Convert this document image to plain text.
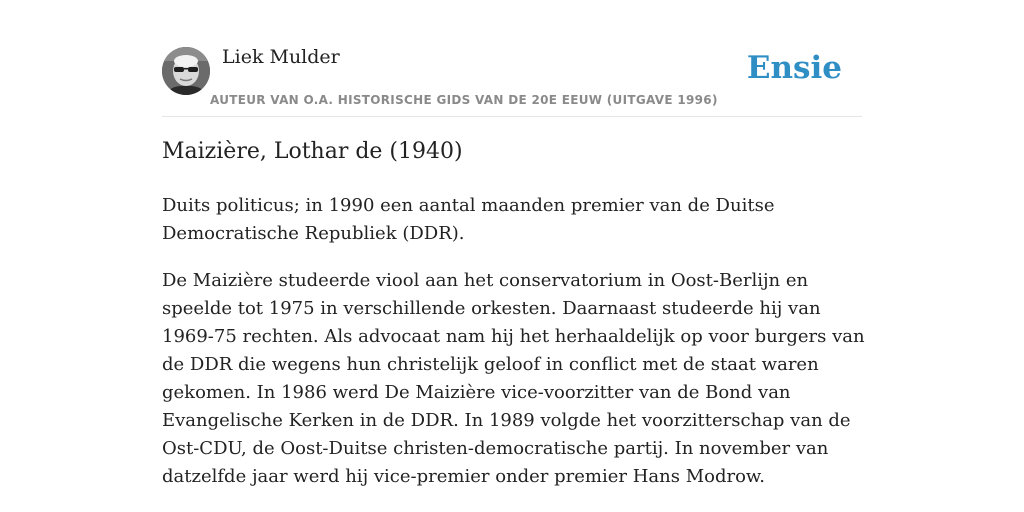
Liek Mulder
AUTEUR VAN O.A. HISTORISCHE GIDS VAN DE 20E EEUW (UITGAVE 1996)
Ensie
Maizière, Lothar de (1940)

Duits politicus; in 1990 een aantal maanden premier van de Duitse Democratische Republiek (DDR).

De Maizière studeerde viool aan het conservatorium in Oost-Berlijn en speelde tot 1975 in verschillende orkesten. Daarnaast studeerde hij van 1969-75 rechten. Als advocaat nam hij het herhaaldelijk op voor burgers van de DDR die wegens hun christelijk geloof in conflict met de staat waren gekomen. In 1986 werd De Maizière vice-voorzitter van de Bond van Evangelische Kerken in de DDR. In 1989 volgde het voorzitterschap van de Ost-CDU, de Oost-Duitse christen-democratische partij. In november van datzelfde jaar werd hij vice-premier onder premier Hans Modrow.
